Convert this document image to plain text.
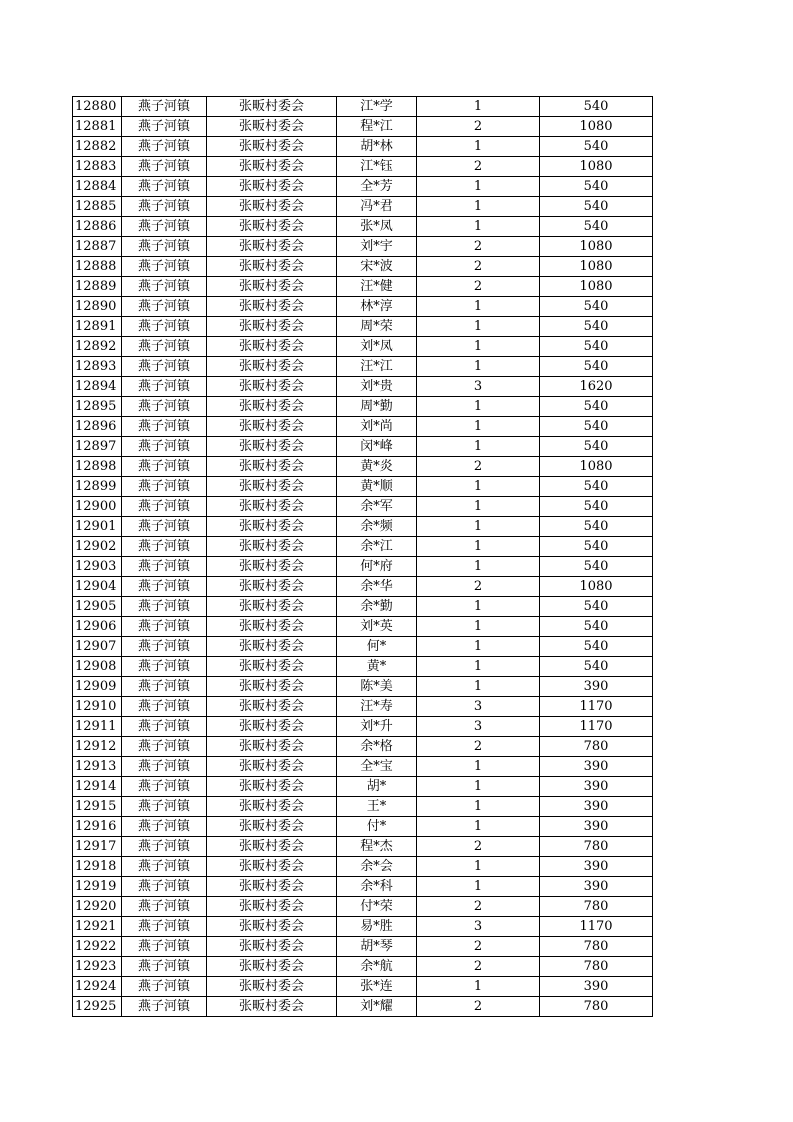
12880	燕子河镇	张畈村委会	江*学	1	540
12881	燕子河镇	张畈村委会	程*江	2	1080
12882	燕子河镇	张畈村委会	胡*林	1	540
12883	燕子河镇	张畈村委会	江*钰	2	1080
12884	燕子河镇	张畈村委会	全*芳	1	540
12885	燕子河镇	张畈村委会	冯*君	1	540
12886	燕子河镇	张畈村委会	张*凤	1	540
12887	燕子河镇	张畈村委会	刘*宇	2	1080
12888	燕子河镇	张畈村委会	宋*波	2	1080
12889	燕子河镇	张畈村委会	汪*健	2	1080
12890	燕子河镇	张畈村委会	林*淳	1	540
12891	燕子河镇	张畈村委会	周*荣	1	540
12892	燕子河镇	张畈村委会	刘*凤	1	540
12893	燕子河镇	张畈村委会	汪*江	1	540
12894	燕子河镇	张畈村委会	刘*贵	3	1620
12895	燕子河镇	张畈村委会	周*勤	1	540
12896	燕子河镇	张畈村委会	刘*尚	1	540
12897	燕子河镇	张畈村委会	闵*峰	1	540
12898	燕子河镇	张畈村委会	黄*炎	2	1080
12899	燕子河镇	张畈村委会	黄*顺	1	540
12900	燕子河镇	张畈村委会	余*军	1	540
12901	燕子河镇	张畈村委会	余*频	1	540
12902	燕子河镇	张畈村委会	余*江	1	540
12903	燕子河镇	张畈村委会	何*府	1	540
12904	燕子河镇	张畈村委会	余*华	2	1080
12905	燕子河镇	张畈村委会	余*勤	1	540
12906	燕子河镇	张畈村委会	刘*英	1	540
12907	燕子河镇	张畈村委会	何*	1	540
12908	燕子河镇	张畈村委会	黄*	1	540
12909	燕子河镇	张畈村委会	陈*美	1	390
12910	燕子河镇	张畈村委会	汪*寿	3	1170
12911	燕子河镇	张畈村委会	刘*升	3	1170
12912	燕子河镇	张畈村委会	余*格	2	780
12913	燕子河镇	张畈村委会	全*宝	1	390
12914	燕子河镇	张畈村委会	胡*	1	390
12915	燕子河镇	张畈村委会	王*	1	390
12916	燕子河镇	张畈村委会	付*	1	390
12917	燕子河镇	张畈村委会	程*杰	2	780
12918	燕子河镇	张畈村委会	余*会	1	390
12919	燕子河镇	张畈村委会	余*科	1	390
12920	燕子河镇	张畈村委会	付*荣	2	780
12921	燕子河镇	张畈村委会	易*胜	3	1170
12922	燕子河镇	张畈村委会	胡*琴	2	780
12923	燕子河镇	张畈村委会	余*航	2	780
12924	燕子河镇	张畈村委会	张*连	1	390
12925	燕子河镇	张畈村委会	刘*耀	2	780
